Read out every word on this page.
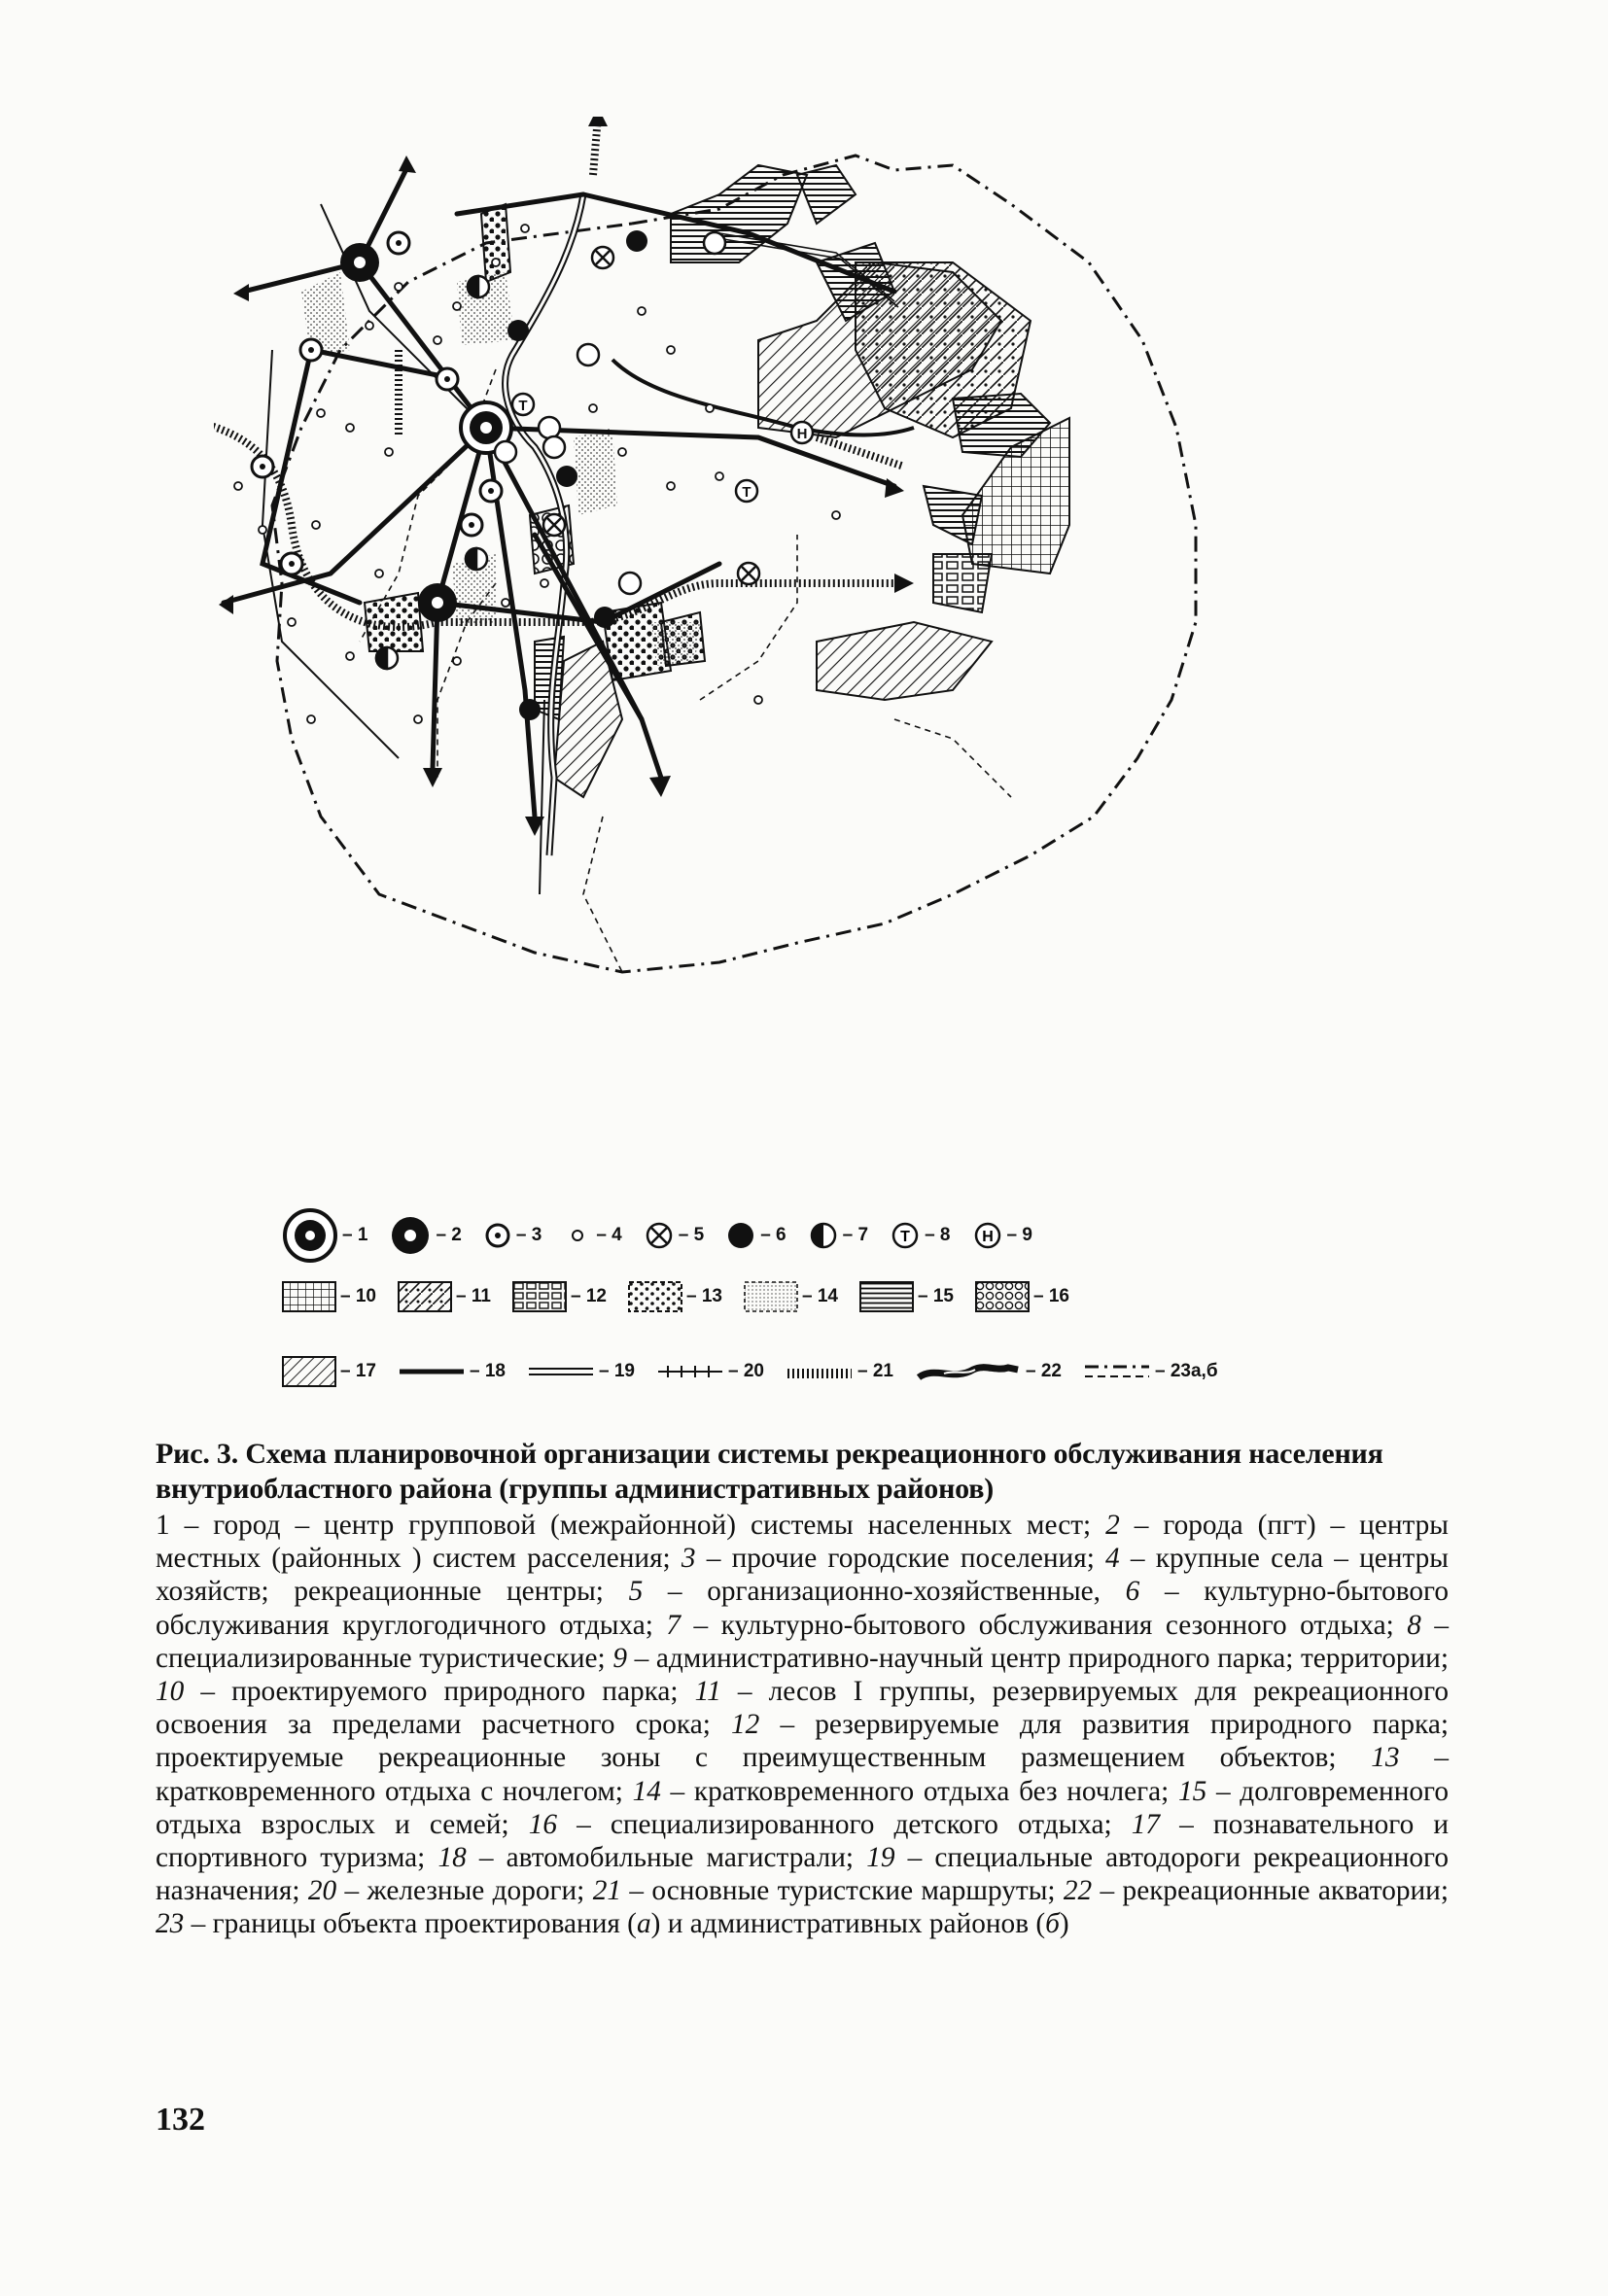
Т
Т
Н
– 1	– 2	– 3	– 4	– 5	– 6	– 7 Т	– 8 Н	– 9
– 10	– 11	– 12	– 13	– 14	– 15	– 16
– 17	– 18	– 19	– 20	– 21	– 22	– 23а,б
Рис. 3. Схема планировочной организации системы рекреационного обслуживания населения внутриобластного района (группы административных районов)
1 – город – центр групповой (межрайонной) системы населенных мест; 2 – города (пгт) – центры местных (районных ) систем расселения; 3 – прочие городские поселения; 4 – крупные села – центры хозяйств; рекреационные центры; 5 – организационно-хозяйственные, 6 – культурно-бытового обслуживания круглогодичного отдыха; 7 – культурно-бытового обслуживания сезонного отдыха; 8 – специализированные туристические; 9 – административно-научный центр природного парка; территории; 10 – проектируемого природного парка; 11 – лесов I группы, резервируемых для рекреационного освоения за пределами расчетного срока; 12 – резервируемые для развития природного парка; проектируемые рекреационные зоны с преимущественным размещением объектов; 13 – кратковременного отдыха с ночлегом; 14 – кратковременного отдыха без ночлега; 15 – долговременного отдыха взрослых и семей; 16 – специализированного детского отдыха; 17 – познавательного и спортивного туризма; 18 – автомобильные магистрали; 19 – специальные автодороги рекреационного назначения; 20 – железные дороги; 21 – основные туристские маршруты; 22 – рекреационные акватории; 23 – границы объекта проектирования (а) и административных районов (б)
132
